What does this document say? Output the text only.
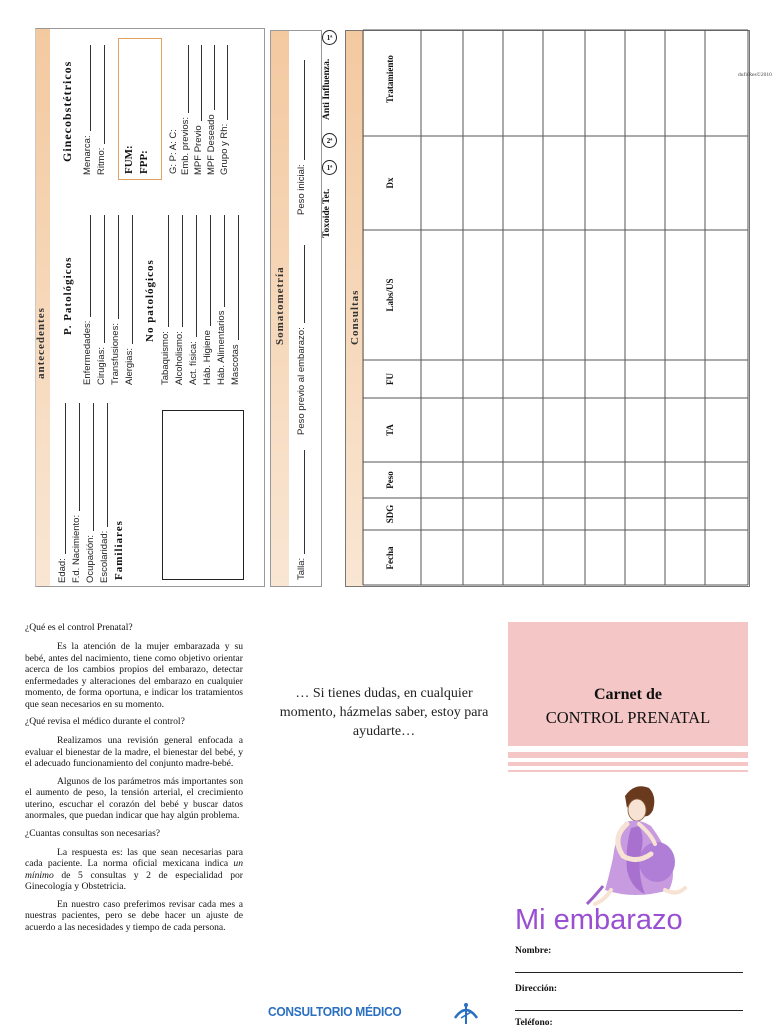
antecedentes
Edad: F.d. Nacimiento: Ocupación: Escolaridad: Familiares
P. Patológicos
Enfermedades: Cirugías: Transfusiones: Alergias:
No patológicos
Tabaquismo: Alcoholismo: Act. física: Háb. Higiene Háb. Alimentarios Mascotas
Ginecobstétricos Menarca: Ritmo: FUM: FPP: G: P: A: C: Emb. previos: MPF Previo MPF Deseado Grupo y Rh:
Somatometría
Talla:
Peso previo al embarazo:
Peso inicial: Toxoide Tet.
1ª
2ª
Anti Influenza.
1ª
Consultas
Fecha
SDG
Peso
TA
FU
Labs/US
Dx
Tratamiento	dufitRes©2010

¿Qué es el control Prenatal?

Es la atención de la mujer embarazada y su bebé, antes del nacimiento, tiene como objetivo orientar acerca de los cambios propios del embarazo, detectar enfermedades y alteraciones del embarazo en cualquier momento, de forma oportuna, e indicar los tratamientos que sean necesarios en su momento.

¿Qué revisa el médico durante el control?

Realizamos una revisión general enfocada a evaluar el bienestar de la madre, el bienestar del bebé, y el adecuado funcionamiento del conjunto madre-bebé.

Algunos de los parámetros más importantes son el aumento de peso, la tensión arterial, el crecimiento uterino, escuchar el corazón del bebé y buscar datos anormales, que puedan indicar que hay algún problema.

¿Cuantas consultas son necesarias?

La respuesta es: las que sean necesarias para cada paciente. La norma oficial mexicana indica un mínimo de 5 consultas y 2 de especialidad por Ginecología y Obstetricia.

En nuestro caso preferimos revisar cada mes a nuestras pacientes, pero se debe hacer un ajuste de acuerdo a las necesidades y tiempo de cada persona.

… Si tienes dudas, en cualquier momento, házmelas saber, estoy para ayudarte…
CONSULTORIO MÉDICO
Carnet de
CONTROL PRENATAL
Mi embarazo
Nombre:
Dirección:
Teléfono:
